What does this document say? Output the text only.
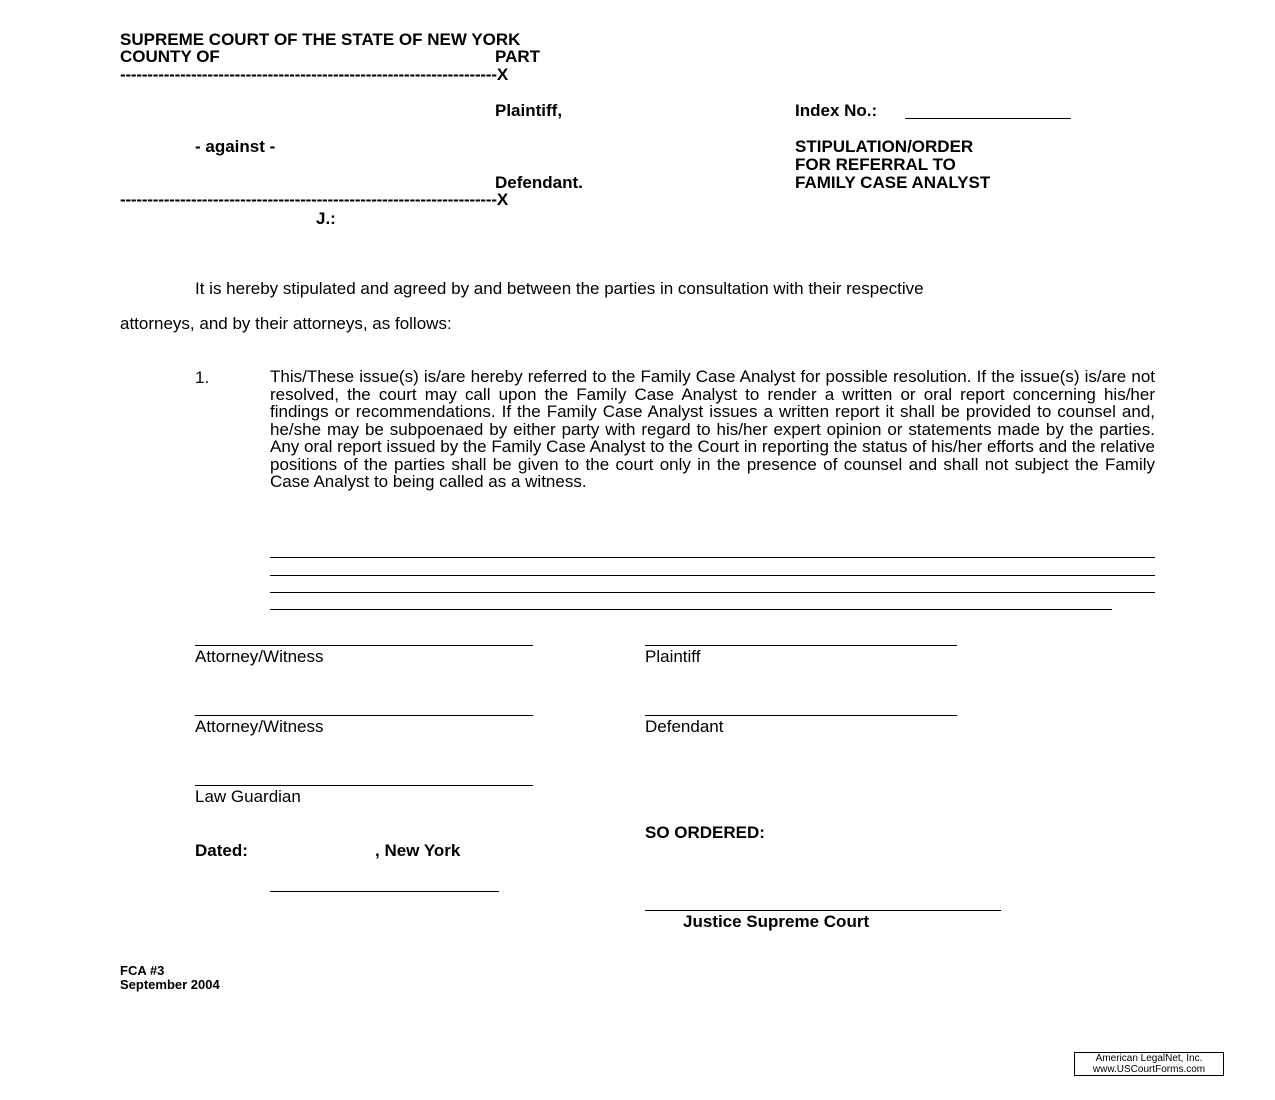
SUPREME COURT OF THE STATE OF NEW YORK
COUNTY OF	PART
---------------------------------------------------------------------X
Plaintiff,	Index No.:
- against -	STIPULATION/ORDER
FOR REFERRAL TO
FAMILY CASE ANALYST
Defendant.
---------------------------------------------------------------------X
J.:
It is hereby stipulated and agreed by and between the parties in consultation with their respective
attorneys, and by their attorneys, as follows:
1.	This/These issue(s) is/are hereby referred to the Family Case Analyst for possible resolution. If the issue(s) is/are not resolved, the court may call upon the Family Case Analyst to render a written or oral report concerning his/her findings or recommendations. If the Family Case Analyst issues a written report it shall be provided to counsel and, he/she may be subpoenaed by either party with regard to his/her expert opinion or statements made by the parties. Any oral report issued by the Family Case Analyst to the Court in reporting the status of his/her efforts and the relative positions of the parties shall be given to the court only in the presence of counsel and shall not subject the Family Case Analyst to being called as a witness.
Attorney/Witness	Plaintiff
Attorney/Witness	Defendant
Law Guardian
SO ORDERED:
Dated:	, New York
Justice Supreme Court
FCA #3
September 2004
American LegalNet, Inc.
www.USCourtForms.com
